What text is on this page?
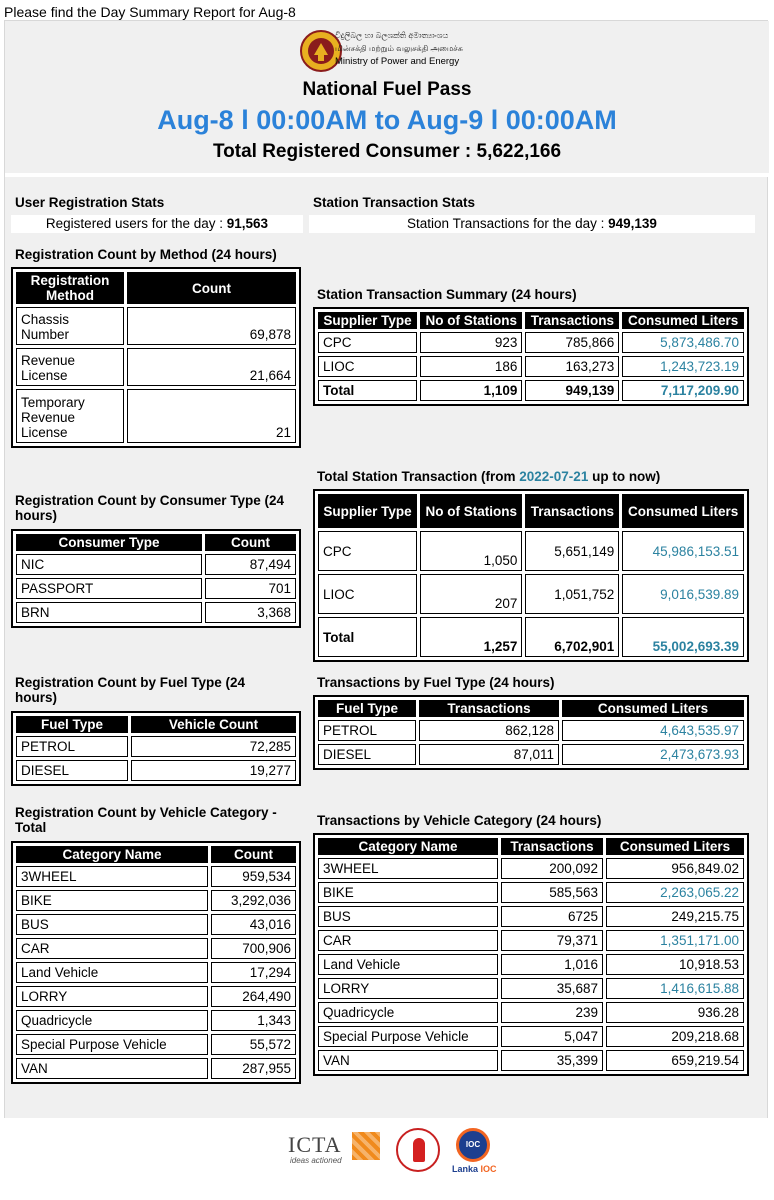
Please find the Day Summary Report for Aug-8
විදුලිබල හා බලශක්ති අමාත්‍යාංශය
மின்சக்தி மற்றும் வலுசக்தி அமைச்சு
Ministry of Power and Energy
National Fuel Pass
Aug-8 l 00:00AM to Aug-9 l 00:00AM
Total Registered Consumer : 5,622,166
User Registration Stats
Registered users for the day : 91,563
Station Transaction Stats
Station Transactions for the day : 949,139
Registration Count by Method (24 hours)
Registration Method	Count
Chassis Number	69,878
Revenue License	21,664
Temporary Revenue License	21
Station Transaction Summary (24 hours)
Supplier Type	No of Stations	Transactions	Consumed Liters
CPC	923	785,866	5,873,486.70
LIOC	186	163,273	1,243,723.19
Total	1,109	949,139	7,117,209.90
Total Station Transaction (from 2022-07-21 up to now)
Supplier Type	No of Stations	Transactions	Consumed Liters
CPC	1,050	5,651,149	45,986,153.51
LIOC	207	1,051,752	9,016,539.89
Total	1,257	6,702,901	55,002,693.39
Registration Count by Consumer Type (24 hours)
Consumer Type	Count
NIC	87,494
PASSPORT	701
BRN	3,368
Registration Count by Fuel Type (24 hours)
Fuel Type	Vehicle Count
PETROL	72,285
DIESEL	19,277
Transactions by Fuel Type (24 hours)
Fuel Type	Transactions	Consumed Liters
PETROL	862,128	4,643,535.97
DIESEL	87,011	2,473,673.93
Registration Count by Vehicle Category - Total
Category Name	Count
3WHEEL	959,534
BIKE	3,292,036
BUS	43,016
CAR	700,906
Land Vehicle	17,294
LORRY	264,490
Quadricycle	1,343
Special Purpose Vehicle	55,572
VAN	287,955
Transactions by Vehicle Category (24 hours)
Category Name	Transactions	Consumed Liters
3WHEEL	200,092	956,849.02
BIKE	585,563	2,263,065.22
BUS	6725	249,215.75
CAR	79,371	1,351,171.00
Land Vehicle	1,016	10,918.53
LORRY	35,687	1,416,615.88
Quadricycle	239	936.28
Special Purpose Vehicle	5,047	209,218.68
VAN	35,399	659,219.54
ICTA
ideas actioned
IOC
Lanka IOC
